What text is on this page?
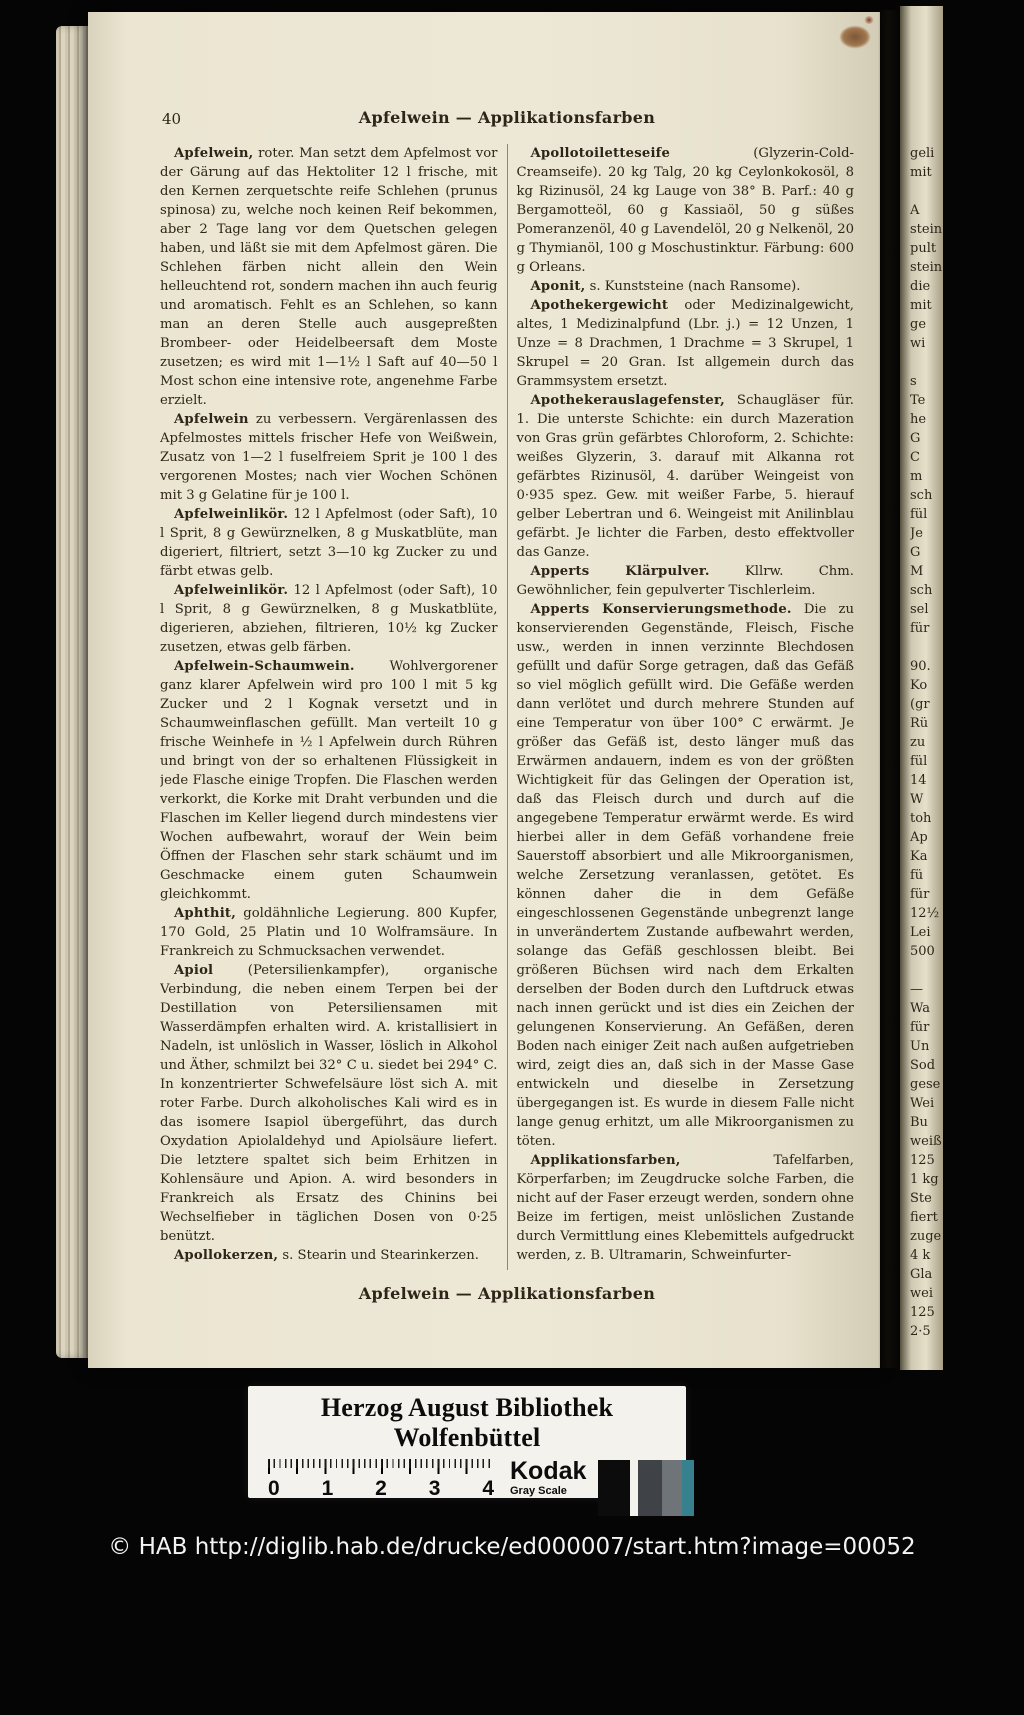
40	Apfelwein — Applikationsfarben

Apfelwein, roter. Man setzt dem Apfelmost vor der Gärung auf das Hektoliter 12 l frische, mit den Kernen zerquetschte reife Schlehen (prunus spinosa) zu, welche noch keinen Reif bekommen, aber 2 Tage lang vor dem Quetschen gelegen haben, und läßt sie mit dem Apfelmost gären. Die Schlehen färben nicht allein den Wein helleuchtend rot, sondern machen ihn auch feurig und aromatisch. Fehlt es an Schlehen, so kann man an deren Stelle auch ausgepreßten Brombeer- oder Heidelbeersaft dem Moste zusetzen; es wird mit 1—1½ l Saft auf 40—50 l Most schon eine intensive rote, angenehme Farbe erzielt.

Apfelwein zu verbessern. Vergärenlassen des Apfelmostes mittels frischer Hefe von Weißwein, Zusatz von 1—2 l fuselfreiem Sprit je 100 l des vergorenen Mostes; nach vier Wochen Schönen mit 3 g Gelatine für je 100 l.

Apfelweinlikör. 12 l Apfelmost (oder Saft), 10 l Sprit, 8 g Gewürznelken, 8 g Muskatblüte, man digeriert, filtriert, setzt 3—10 kg Zucker zu und färbt etwas gelb.

Apfelweinlikör. 12 l Apfelmost (oder Saft), 10 l Sprit, 8 g Gewürznelken, 8 g Muskatblüte, digerieren, abziehen, filtrieren, 10½ kg Zucker zusetzen, etwas gelb färben.

Apfelwein-Schaumwein. Wohlvergorener ganz klarer Apfelwein wird pro 100 l mit 5 kg Zucker und 2 l Kognak versetzt und in Schaumweinflaschen gefüllt. Man verteilt 10 g frische Weinhefe in ½ l Apfelwein durch Rühren und bringt von der so erhaltenen Flüssigkeit in jede Flasche einige Tropfen. Die Flaschen werden verkorkt, die Korke mit Draht verbunden und die Flaschen im Keller liegend durch mindestens vier Wochen aufbewahrt, worauf der Wein beim Öffnen der Flaschen sehr stark schäumt und im Geschmacke einem guten Schaumwein gleichkommt.

Aphthit, goldähnliche Legierung. 800 Kupfer, 170 Gold, 25 Platin und 10 Wolframsäure. In Frankreich zu Schmucksachen verwendet.

Apiol (Petersilienkampfer), organische Verbindung, die neben einem Terpen bei der Destillation von Petersiliensamen mit Wasserdämpfen erhalten wird. A. kristallisiert in Nadeln, ist unlöslich in Wasser, löslich in Alkohol und Äther, schmilzt bei 32° C u. siedet bei 294° C. In konzentrierter Schwefelsäure löst sich A. mit roter Farbe. Durch alkoholisches Kali wird es in das isomere Isapiol übergeführt, das durch Oxydation Apiolaldehyd und Apiolsäure liefert. Die letztere spaltet sich beim Erhitzen in Kohlensäure und Apion. A. wird besonders in Frankreich als Ersatz des Chinins bei Wechselfieber in täglichen Dosen von 0·25 benützt.

Apollokerzen, s. Stearin und Stearinkerzen.

Apollotoiletteseife (Glyzerin-Cold-Creamseife). 20 kg Talg, 20 kg Ceylonkokosöl, 8 kg Rizinusöl, 24 kg Lauge von 38° B. Parf.: 40 g Bergamotteöl, 60 g Kassiaöl, 50 g süßes Pomeranzenöl, 40 g Lavendelöl, 20 g Nelkenöl, 20 g Thymianöl, 100 g Moschustinktur. Färbung: 600 g Orleans.

Aponit, s. Kunststeine (nach Ransome).

Apothekergewicht oder Medizinalgewicht, altes, 1 Medizinalpfund (Lbr. j.) = 12 Unzen, 1 Unze = 8 Drachmen, 1 Drachme = 3 Skrupel, 1 Skrupel = 20 Gran. Ist allgemein durch das Grammsystem ersetzt.

Apothekerauslagefenster, Schaugläser für. 1. Die unterste Schichte: ein durch Mazeration von Gras grün gefärbtes Chloroform, 2. Schichte: weißes Glyzerin, 3. darauf mit Alkanna rot gefärbtes Rizinusöl, 4. darüber Weingeist von 0·935 spez. Gew. mit weißer Farbe, 5. hierauf gelber Lebertran und 6. Weingeist mit Anilinblau gefärbt. Je lichter die Farben, desto effektvoller das Ganze.

Apperts Klärpulver. Kllrw. Chm. Gewöhnlicher, fein gepulverter Tischlerleim.

Apperts Konservierungsmethode. Die zu konservierenden Gegenstände, Fleisch, Fische usw., werden in innen verzinnte Blechdosen gefüllt und dafür Sorge getragen, daß das Gefäß so viel möglich gefüllt wird. Die Gefäße werden dann verlötet und durch mehrere Stunden auf eine Temperatur von über 100° C erwärmt. Je größer das Gefäß ist, desto länger muß das Erwärmen andauern, indem es von der größten Wichtigkeit für das Gelingen der Operation ist, daß das Fleisch durch und durch auf die angegebene Temperatur erwärmt werde. Es wird hierbei aller in dem Gefäß vorhandene freie Sauerstoff absorbiert und alle Mikroorganismen, welche Zersetzung veranlassen, getötet. Es können daher die in dem Gefäße eingeschlossenen Gegenstände unbegrenzt lange in unverändertem Zustande aufbewahrt werden, solange das Gefäß geschlossen bleibt. Bei größeren Büchsen wird nach dem Erkalten derselben der Boden durch den Luftdruck etwas nach innen gerückt und ist dies ein Zeichen der gelungenen Konservierung. An Gefäßen, deren Boden nach einiger Zeit nach außen aufgetrieben wird, zeigt dies an, daß sich in der Masse Gase entwickeln und dieselbe in Zersetzung übergegangen ist. Es wurde in diesem Falle nicht lange genug erhitzt, um alle Mikroorganismen zu töten.

Applikationsfarben, Tafelfarben, Körperfarben; im Zeugdrucke solche Farben, die nicht auf der Faser erzeugt werden, sondern ohne Beize im fertigen, meist unlöslichen Zustande durch Vermittlung eines Klebemittels aufgedruckt werden, z. B. Ultramarin, Schweinfurter-

Apfelwein — Applikationsfarben
geli
mit
A
stein
pult
stein
die
mit
ge
wi
s
Te
he
G
C
m
sch
fül
Je
G
M
sch
sel
für
90.
Ko
(gr
Rü
zu
fül
14
W
toh
Ap
Ka
fü
für
12½
Lei
500
—
Wa
für
Un
Sod
gese
Wei
Bu
weiß
125
1 kg
Ste
fiert
zuge
4 k
Gla
wei
125
2·5
Herzog August Bibliothek Wolfenbüttel
0 1 2 3 4
Kodak
Gray Scale
© HAB http://diglib.hab.de/drucke/ed000007/start.htm?image=00052
